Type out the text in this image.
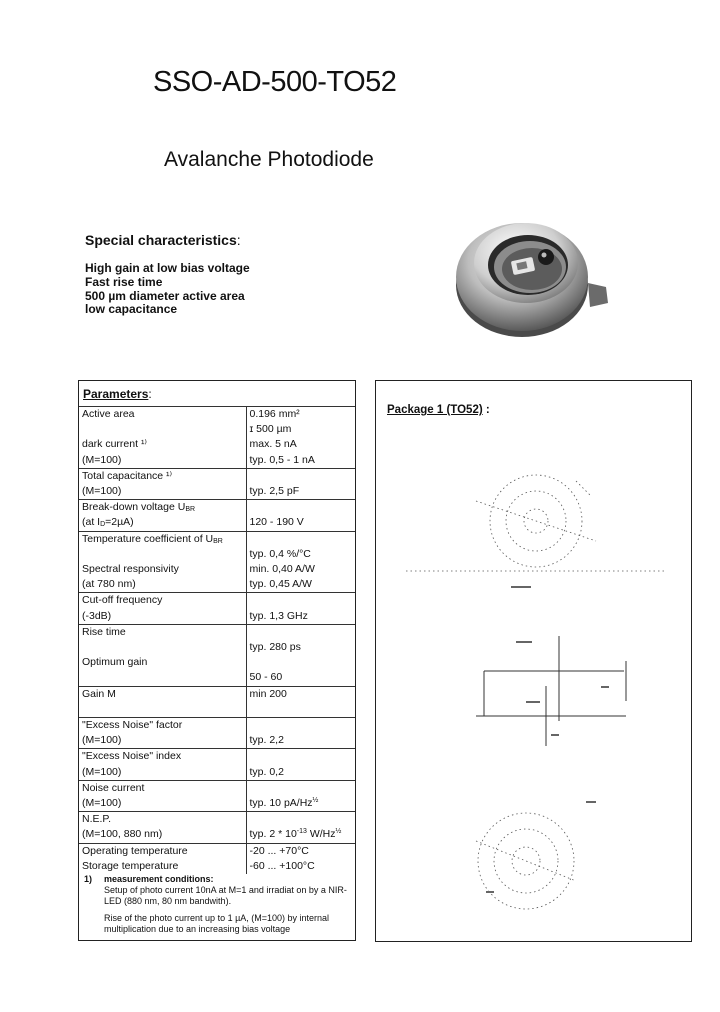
SSO-AD-500-TO52
Avalanche Photodiode
Special characteristics:
High gain at low bias voltage
Fast rise time
500 µm diameter active area
low capacitance
Parameters:
Active area	0.196 mm²
	ɪ 500 µm
dark current ¹⁾	max. 5 nA
(M=100)	typ. 0,5 - 1 nA
Total capacitance ¹⁾	
(M=100)	typ. 2,5 pF
Break-down voltage $U_{BR}$	
(at $I_D=2\mu A$)	120 - 190 V
Temperature coefficient of $U_{BR}$	
	typ. 0,4 %/°C
Spectral responsivity	min. 0,40 A/W
(at 780 nm)	typ. 0,45 A/W
Cut-off frequency	
(-3dB)	typ. 1,3 GHz
Rise time	
	typ. 280 ps
Optimum gain	
	50 - 60
Gain M	min 200

"Excess Noise" factor	
(M=100)	typ. 2,2
"Excess Noise" index	
(M=100)	typ. 0,2
Noise current	
(M=100)	typ. 10 $pA/Hz^{\frac{1}{2}}$
N.E.P.	
(M=100, 880 nm)	typ. $2 * 10^{-13}$ $W/Hz^{\frac{1}{2}}$
Operating temperature	-20 ... +70°C
Storage temperature	-60 ... +100°C
1) measurement conditions:

Setup of photo current 10nA at M=1 and irradiat on by a NIR-LED (880 nm, 80 nm bandwith).

Rise of the photo current up to 1 µA, (M=100) by internal multiplication due to an increasing bias voltage

Package 1 (TO52) :
